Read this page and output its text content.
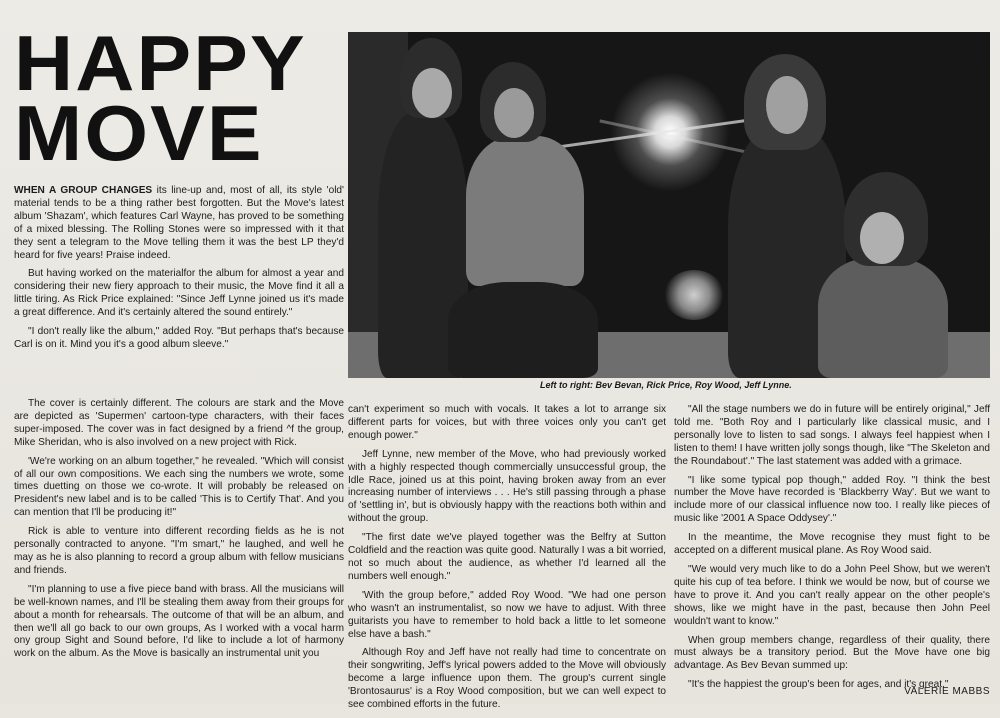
HAPPY
MOVE
Left to right: Bev Bevan, Rick Price, Roy Wood, Jeff Lynne.

WHEN A GROUP CHANGES its line-up and, most of all, its style 'old' material tends to be a thing rather best forgotten. But the Move's latest album 'Shazam', which features Carl Wayne, has proved to be something of a mixed blessing. The Rolling Stones were so impressed with it that they sent a telegram to the Move telling them it was the best LP they'd heard for five years! Praise indeed.

But having worked on the materialfor the album for almost a year and considering their new fiery approach to their music, the Move find it all a little tiring. As Rick Price explained: "Since Jeff Lynne joined us it's made a great difference. And it's certainly altered the sound entirely."

"I don't really like the album," added Roy. "But perhaps that's because Carl is on it. Mind you it's a good album sleeve."

The cover is certainly different. The colours are stark and the Move are depicted as 'Supermen' cartoon-type characters, with their faces super-imposed. The cover was in fact designed by a friend ^f the group, Mike Sheridan, who is also involved on a new project with Rick.

'We're working on an album together," he revealed. "Which will consist of all our own compositions. We each sing the numbers we wrote, some times duetting on those we co-wrote. It will probably be released on President's new label and is to be called 'This is to Certify That'. And you can mention that I'll be producing it!"

Rick is able to venture into different recording fields as he is not personally contracted to anyone. "I'm smart," he laughed, and well he may as he is also planning to record a group album with fellow musicians and friends.

"I'm planning to use a five piece band with brass. All the musicians will be well-known names, and I'll be stealing them away from their groups for about a month for rehearsals. The outcome of that will be an album, and then we'll all go back to our own groups, As I worked with a vocal harm ony group Sight and Sound before, I'd like to include a lot of harmony work on the album. As the Move is basically an instrumental unit you

can't experiment so much with vocals. It takes a lot to arrange six different parts for voices, but with three voices only you can't get enough power."

Jeff Lynne, new member of the Move, who had previously worked with a highly respected though commercially unsuccessful group, the Idle Race, joined us at this point, having broken away from an ever increasing number of interviews . . . He's still passing through a phase of 'settling in', but is obviously happy with the reactions both within and without the group.

"The first date we've played together was the Belfry at Sutton Coldfield and the reaction was quite good. Naturally I was a bit worried, not so much about the audience, as whether I'd learned all the numbers well enough."

'With the group before," added Roy Wood. "We had one person who wasn't an instrumentalist, so now we have to adjust. With three guitarists you have to remember to hold back a little to let someone else have a bash."

Although Roy and Jeff have not really had time to concentrate on their songwriting, Jeff's lyrical powers added to the Move will obviously become a large influence upon them. The group's current single 'Brontosaurus' is a Roy Wood composition, but we can well expect to see combined efforts in the future.

"All the stage numbers we do in future will be entirely original," Jeff told me. "Both Roy and I particularly like classical music, and I personally love to listen to sad songs. I always feel happiest when I listen to them! I have written jolly songs though, like "The Skeleton and the Roundabout'." The last statement was added with a grimace.

"I like some typical pop though," added Roy. "I think the best number the Move have recorded is 'Blackberry Way'. But we want to include more of our classical influence now too. I really like pieces of music like '2001 A Space Oddysey'."

In the meantime, the Move recognise they must fight to be accepted on a different musical plane. As Roy Wood said.

"We would very much like to do a John Peel Show, but we weren't quite his cup of tea before. I think we would be now, but of course we have to prove it. And you can't really appear on the other people's shows, like we might have in the past, because then John Peel wouldn't want to know."

When group members change, regardless of their quality, there must always be a transitory period. But the Move have one big advantage. As Bev Bevan summed up:

"It's the happiest the group's been for ages, and it's great."

VALERIE MABBS
